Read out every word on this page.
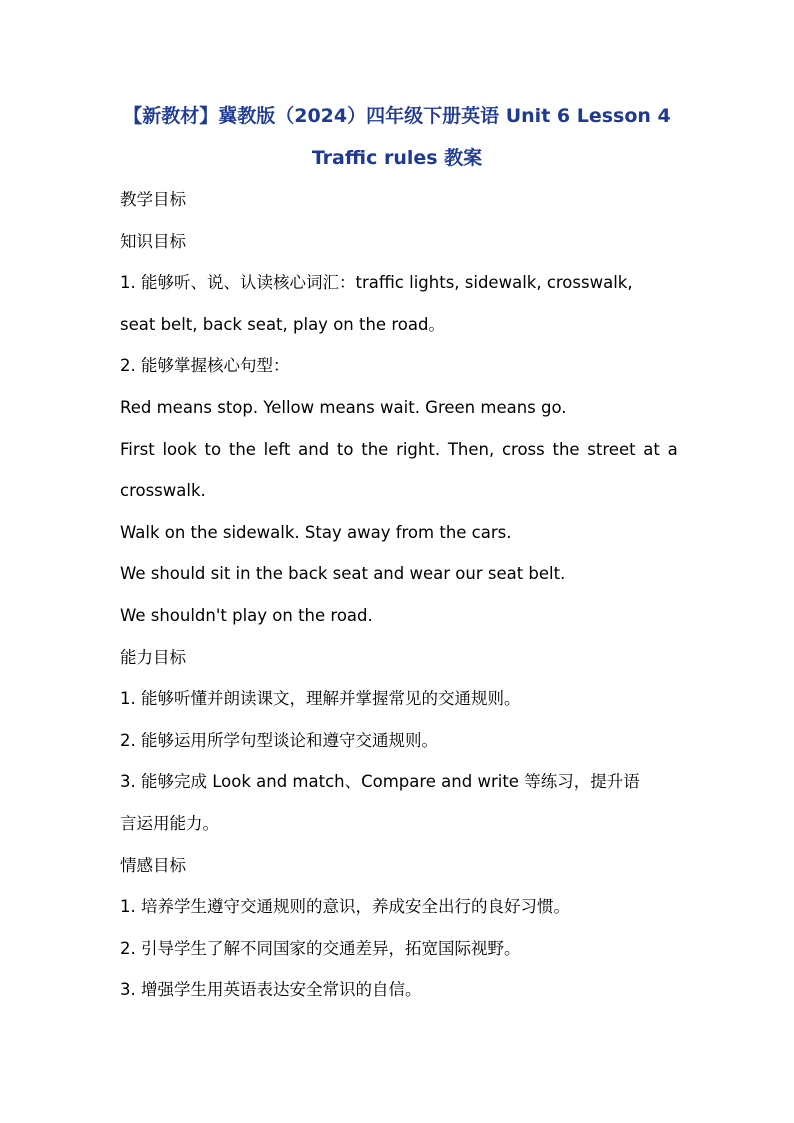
【新教材】冀教版（2024）四年级下册英语 Unit 6 Lesson 4
Traffic rules 教案

教学目标

知识目标

1. 能够听、说、认读核心词汇：traffic lights, sidewalk, crosswalk,

seat belt, back seat, play on the road。

2. 能够掌握核心句型：

Red means stop. Yellow means wait. Green means go.

First look to the left and to the right. Then, cross the street at a

crosswalk.

Walk on the sidewalk. Stay away from the cars.

We should sit in the back seat and wear our seat belt.

We shouldn't play on the road.

能力目标

1. 能够听懂并朗读课文，理解并掌握常见的交通规则。

2. 能够运用所学句型谈论和遵守交通规则。

3. 能够完成 Look and match、Compare and write 等练习，提升语

言运用能力。

情感目标

1. 培养学生遵守交通规则的意识，养成安全出行的良好习惯。

2. 引导学生了解不同国家的交通差异，拓宽国际视野。

3. 增强学生用英语表达安全常识的自信。
